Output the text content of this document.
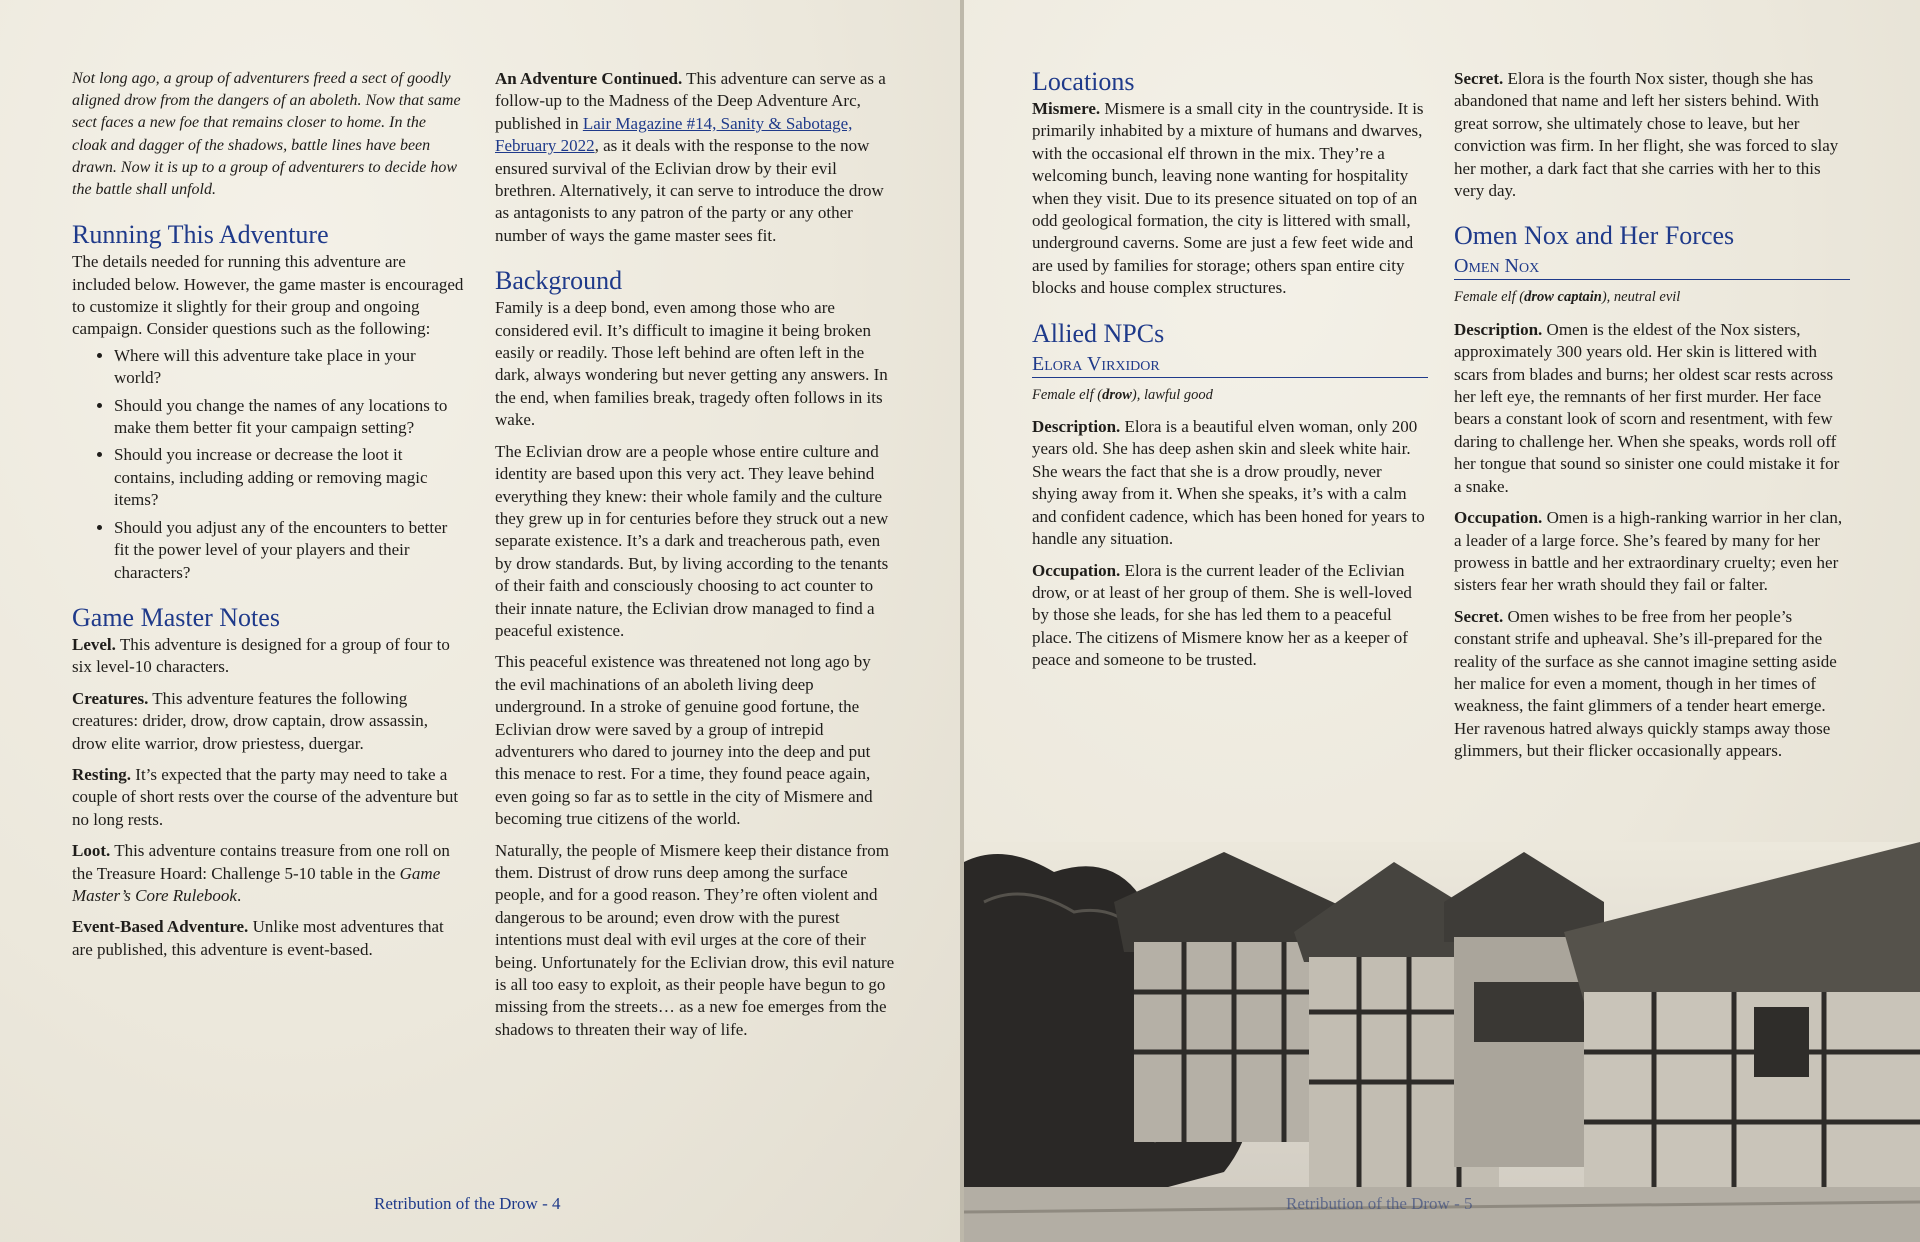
Not long ago, a group of adventurers freed a sect of goodly aligned drow from the dangers of an aboleth. Now that same sect faces a new foe that remains closer to home. In the cloak and dagger of the shadows, battle lines have been drawn. Now it is up to a group of adventurers to decide how the battle shall unfold.

Running This Adventure

The details needed for running this adventure are included below. However, the game master is encouraged to customize it slightly for their group and ongoing campaign. Consider questions such as the following:

• Where will this adventure take place in your world?
• Should you change the names of any locations to make them better fit your campaign setting?
• Should you increase or decrease the loot it contains, including adding or removing magic items?
• Should you adjust any of the encounters to better fit the power level of your players and their characters?
Game Master Notes

Level. This adventure is designed for a group of four to six level-10 characters.

Creatures. This adventure features the following creatures: drider, drow, drow captain, drow assassin, drow elite warrior, drow priestess, duergar.

Resting. It’s expected that the party may need to take a couple of short rests over the course of the adventure but no long rests.

Loot. This adventure contains treasure from one roll on the Treasure Hoard: Challenge 5-10 table in the Game Master’s Core Rulebook.

Event-Based Adventure. Unlike most adventures that are published, this adventure is event-based.

An Adventure Continued. This adventure can serve as a follow-up to the Madness of the Deep Adventure Arc, published in Lair Magazine #14, Sanity & Sabotage, February 2022, as it deals with the response to the now ensured survival of the Eclivian drow by their evil brethren. Alternatively, it can serve to introduce the drow as antagonists to any patron of the party or any other number of ways the game master sees fit.

Background

Family is a deep bond, even among those who are considered evil. It’s difficult to imagine it being broken easily or readily. Those left behind are often left in the dark, always wondering but never getting any answers. In the end, when families break, tragedy often follows in its wake.

The Eclivian drow are a people whose entire culture and identity are based upon this very act. They leave behind everything they knew: their whole family and the culture they grew up in for centuries before they struck out a new separate existence. It’s a dark and treacherous path, even by drow standards. But, by living according to the tenants of their faith and consciously choosing to act counter to their innate nature, the Eclivian drow managed to find a peaceful existence.

This peaceful existence was threatened not long ago by the evil machinations of an aboleth living deep underground. In a stroke of genuine good fortune, the Eclivian drow were saved by a group of intrepid adventurers who dared to journey into the deep and put this menace to rest. For a time, they found peace again, even going so far as to settle in the city of Mismere and becoming true citizens of the world.

Naturally, the people of Mismere keep their distance from them. Distrust of drow runs deep among the surface people, and for a good reason. They’re often violent and dangerous to be around; even drow with the purest intentions must deal with evil urges at the core of their being. Unfortunately for the Eclivian drow, this evil nature is all too easy to exploit, as their people have begun to go missing from the streets… as a new foe emerges from the shadows to threaten their way of life.

Retribution of the Drow - 4
Locations

Mismere. Mismere is a small city in the countryside. It is primarily inhabited by a mixture of humans and dwarves, with the occasional elf thrown in the mix. They’re a welcoming bunch, leaving none wanting for hospitality when they visit. Due to its presence situated on top of an odd geological formation, the city is littered with small, underground caverns. Some are just a few feet wide and are used by families for storage; others span entire city blocks and house complex structures.

Allied NPCs
Elora Virxidor

Female elf (drow), lawful good

Description. Elora is a beautiful elven woman, only 200 years old. She has deep ashen skin and sleek white hair. She wears the fact that she is a drow proudly, never shying away from it. When she speaks, it’s with a calm and confident cadence, which has been honed for years to handle any situation.

Occupation. Elora is the current leader of the Eclivian drow, or at least of her group of them. She is well-loved by those she leads, for she has led them to a peaceful place. The citizens of Mismere know her as a keeper of peace and someone to be trusted.

Secret. Elora is the fourth Nox sister, though she has abandoned that name and left her sisters behind. With great sorrow, she ultimately chose to leave, but her conviction was firm. In her flight, she was forced to slay her mother, a dark fact that she carries with her to this very day.

Omen Nox and Her Forces
Omen Nox

Female elf (drow captain), neutral evil

Description. Omen is the eldest of the Nox sisters, approximately 300 years old. Her skin is littered with scars from blades and burns; her oldest scar rests across her left eye, the remnants of her first murder. Her face bears a constant look of scorn and resentment, with few daring to challenge her. When she speaks, words roll off her tongue that sound so sinister one could mistake it for a snake.

Occupation. Omen is a high-ranking warrior in her clan, a leader of a large force. She’s feared by many for her prowess in battle and her extraordinary cruelty; even her sisters fear her wrath should they fail or falter.

Secret. Omen wishes to be free from her people’s constant strife and upheaval. She’s ill-prepared for the reality of the surface as she cannot imagine setting aside her malice for even a moment, though in her times of weakness, the faint glimmers of a tender heart emerge. Her ravenous hatred always quickly stamps away those glimmers, but their flicker occasionally appears.

Retribution of the Drow - 5
